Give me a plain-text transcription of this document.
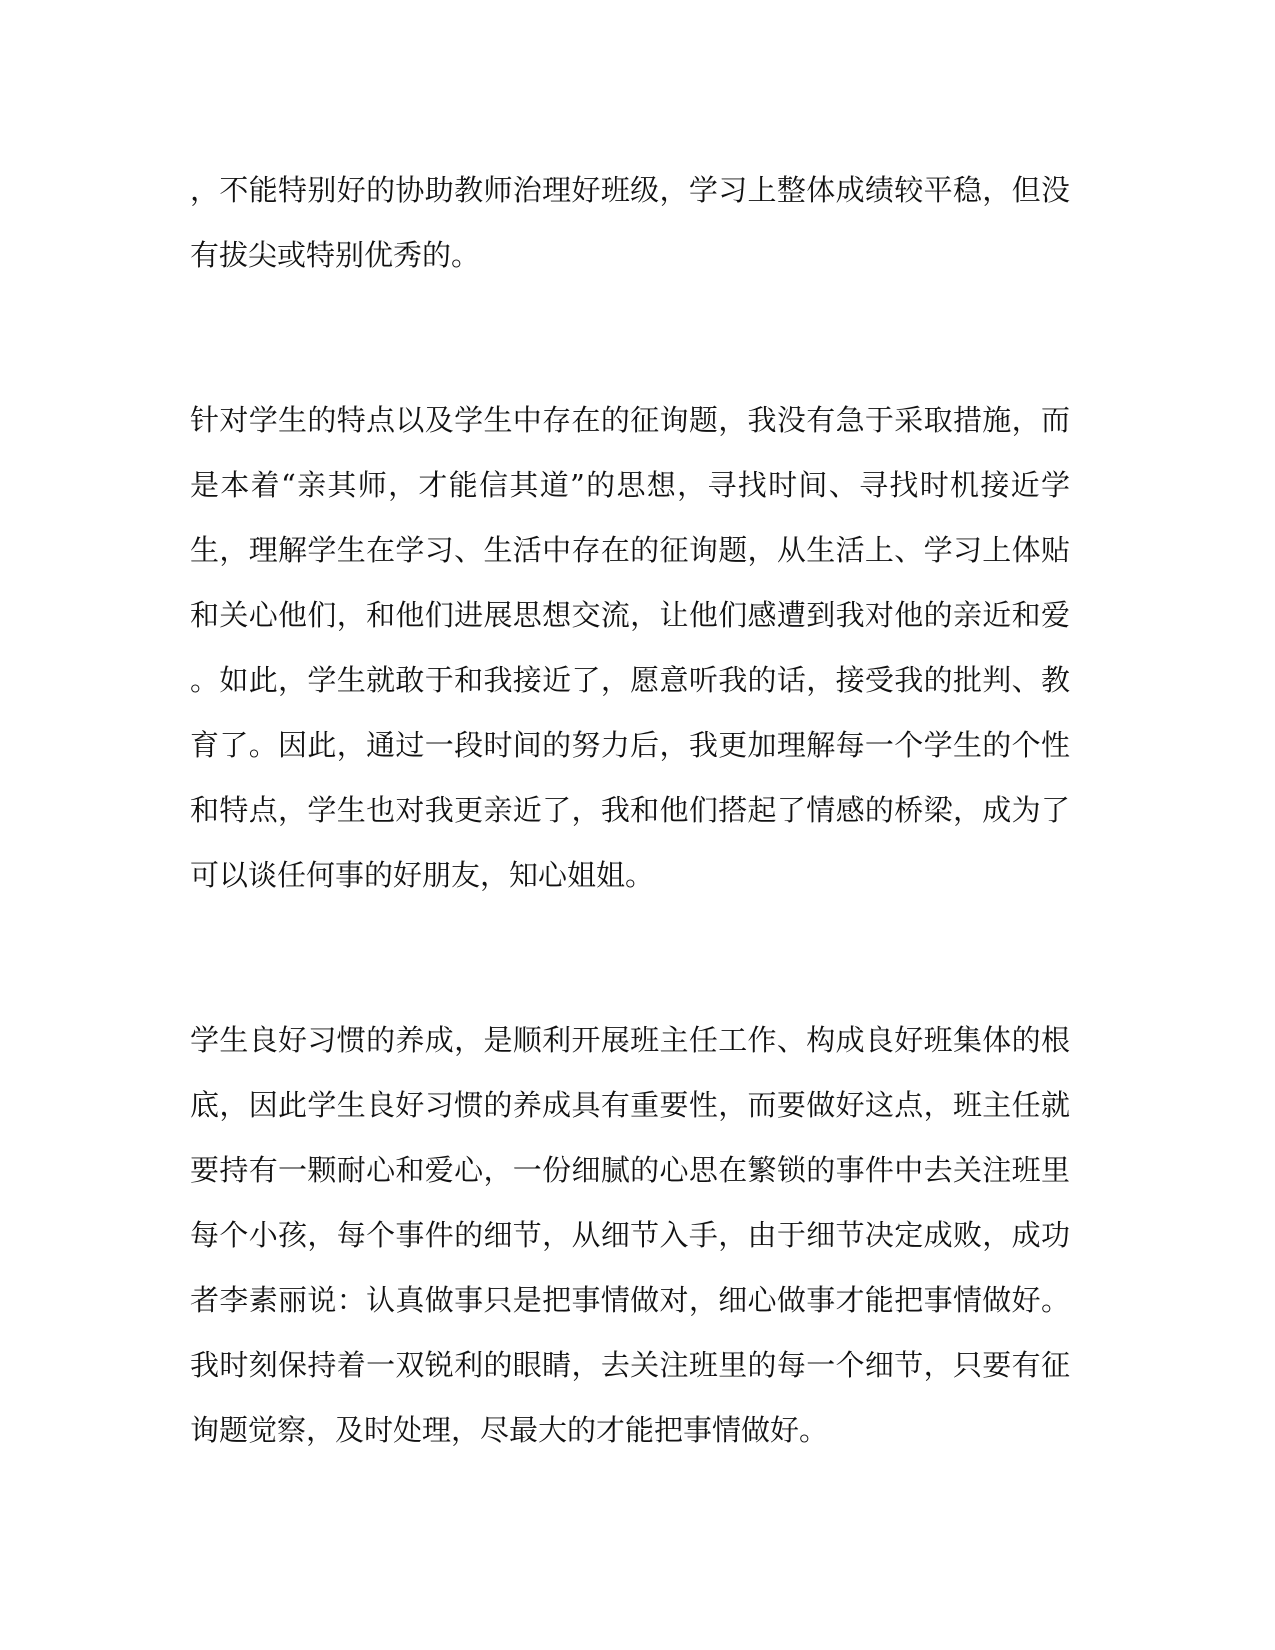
，不能特别好的协助教师治理好班级，学习上整体成绩较平稳，但没
有拔尖或特别优秀的。
针对学生的特点以及学生中存在的征询题，我没有急于采取措施，而
是本着“亲其师，才能信其道”的思想，寻找时间、寻找时机接近学
生，理解学生在学习、生活中存在的征询题，从生活上、学习上体贴
和关心他们，和他们进展思想交流，让他们感遭到我对他的亲近和爱
。如此，学生就敢于和我接近了，愿意听我的话，接受我的批判、教
育了。因此，通过一段时间的努力后，我更加理解每一个学生的个性
和特点，学生也对我更亲近了，我和他们搭起了情感的桥梁，成为了
可以谈任何事的好朋友，知心姐姐。
学生良好习惯的养成，是顺利开展班主任工作、构成良好班集体的根
底，因此学生良好习惯的养成具有重要性，而要做好这点，班主任就
要持有一颗耐心和爱心，一份细腻的心思在繁锁的事件中去关注班里
每个小孩，每个事件的细节，从细节入手，由于细节决定成败，成功
者李素丽说：认真做事只是把事情做对，细心做事才能把事情做好。
我时刻保持着一双锐利的眼睛，去关注班里的每一个细节，只要有征
询题觉察，及时处理，尽最大的才能把事情做好。
